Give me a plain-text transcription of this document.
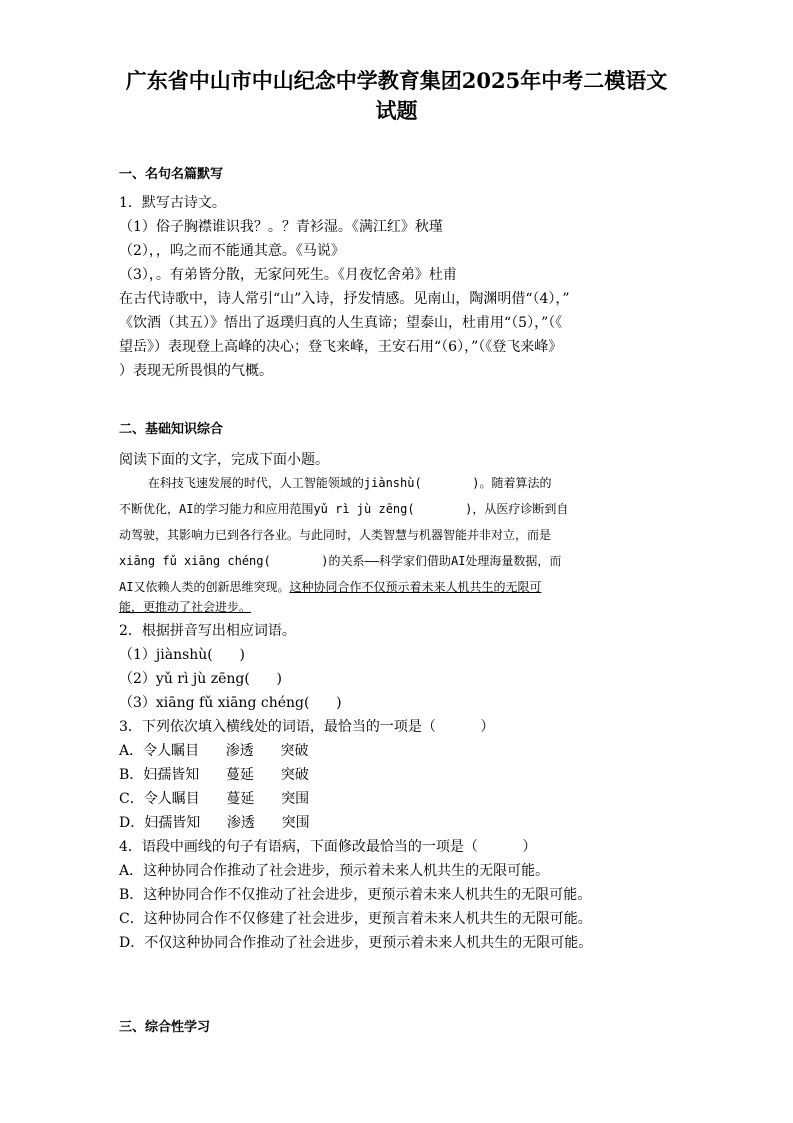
广东省中山市中山纪念中学教育集团2025年中考二模语文
试题
一、名句名篇默写
1．默写古诗文。
（1）俗子胸襟谁识我？。？青衫湿。《满江红》秋瑾
（2），，呜之而不能通其意。《马说》
（3），。有弟皆分散，无家问死生。《月夜忆舍弟》杜甫
在古代诗歌中，诗人常引“山”入诗，抒发情感。见南山，陶渊明借“（4），”
《饮酒（其五）》悟出了返璞归真的人生真谛；望泰山，杜甫用“（5），”（《
望岳》）表现登上高峰的决心；登飞来峰，王安石用“（6），”（《登飞来峰》
）表现无所畏惧的气概。
二、基础知识综合
阅读下面的文字，完成下面小题。
在科技飞速发展的时代，人工智能领域的jiànshù(       )。随着算法的
不断优化，AI的学习能力和应用范围yǔ rì jù zēng(       )，从医疗诊断到自
动驾驶，其影响力已到各行各业。与此同时，人类智慧与机器智能并非对立，而是
xiāng fǔ xiāng chéng(       )的关系——科学家们借助AI处理海量数据，而
AI又依赖人类的创新思维突现。这种协同合作不仅预示着未来人机共生的无限可
能，更推动了社会进步。
2．根据拼音写出相应词语。
（1）jiànshù(      )
（2）yǔ rì jù zēng(      )
（3）xiāng fǔ xiāng chéng(      )
3．下列依次填入横线处的词语，最恰当的一项是（          ）
A．令人瞩目      渗透      突破
B．妇孺皆知      蔓延      突破
C．令人瞩目      蔓延      突围
D．妇孺皆知      渗透      突围
4．语段中画线的句子有语病，下面修改最恰当的一项是（          ）
A．这种协同合作推动了社会进步，预示着未来人机共生的无限可能。
B．这种协同合作不仅推动了社会进步，更预示着未来人机共生的无限可能。
C．这种协同合作不仅修建了社会进步，更预言着未来人机共生的无限可能。
D．不仅这种协同合作推动了社会进步，更预示着未来人机共生的无限可能。
三、综合性学习
